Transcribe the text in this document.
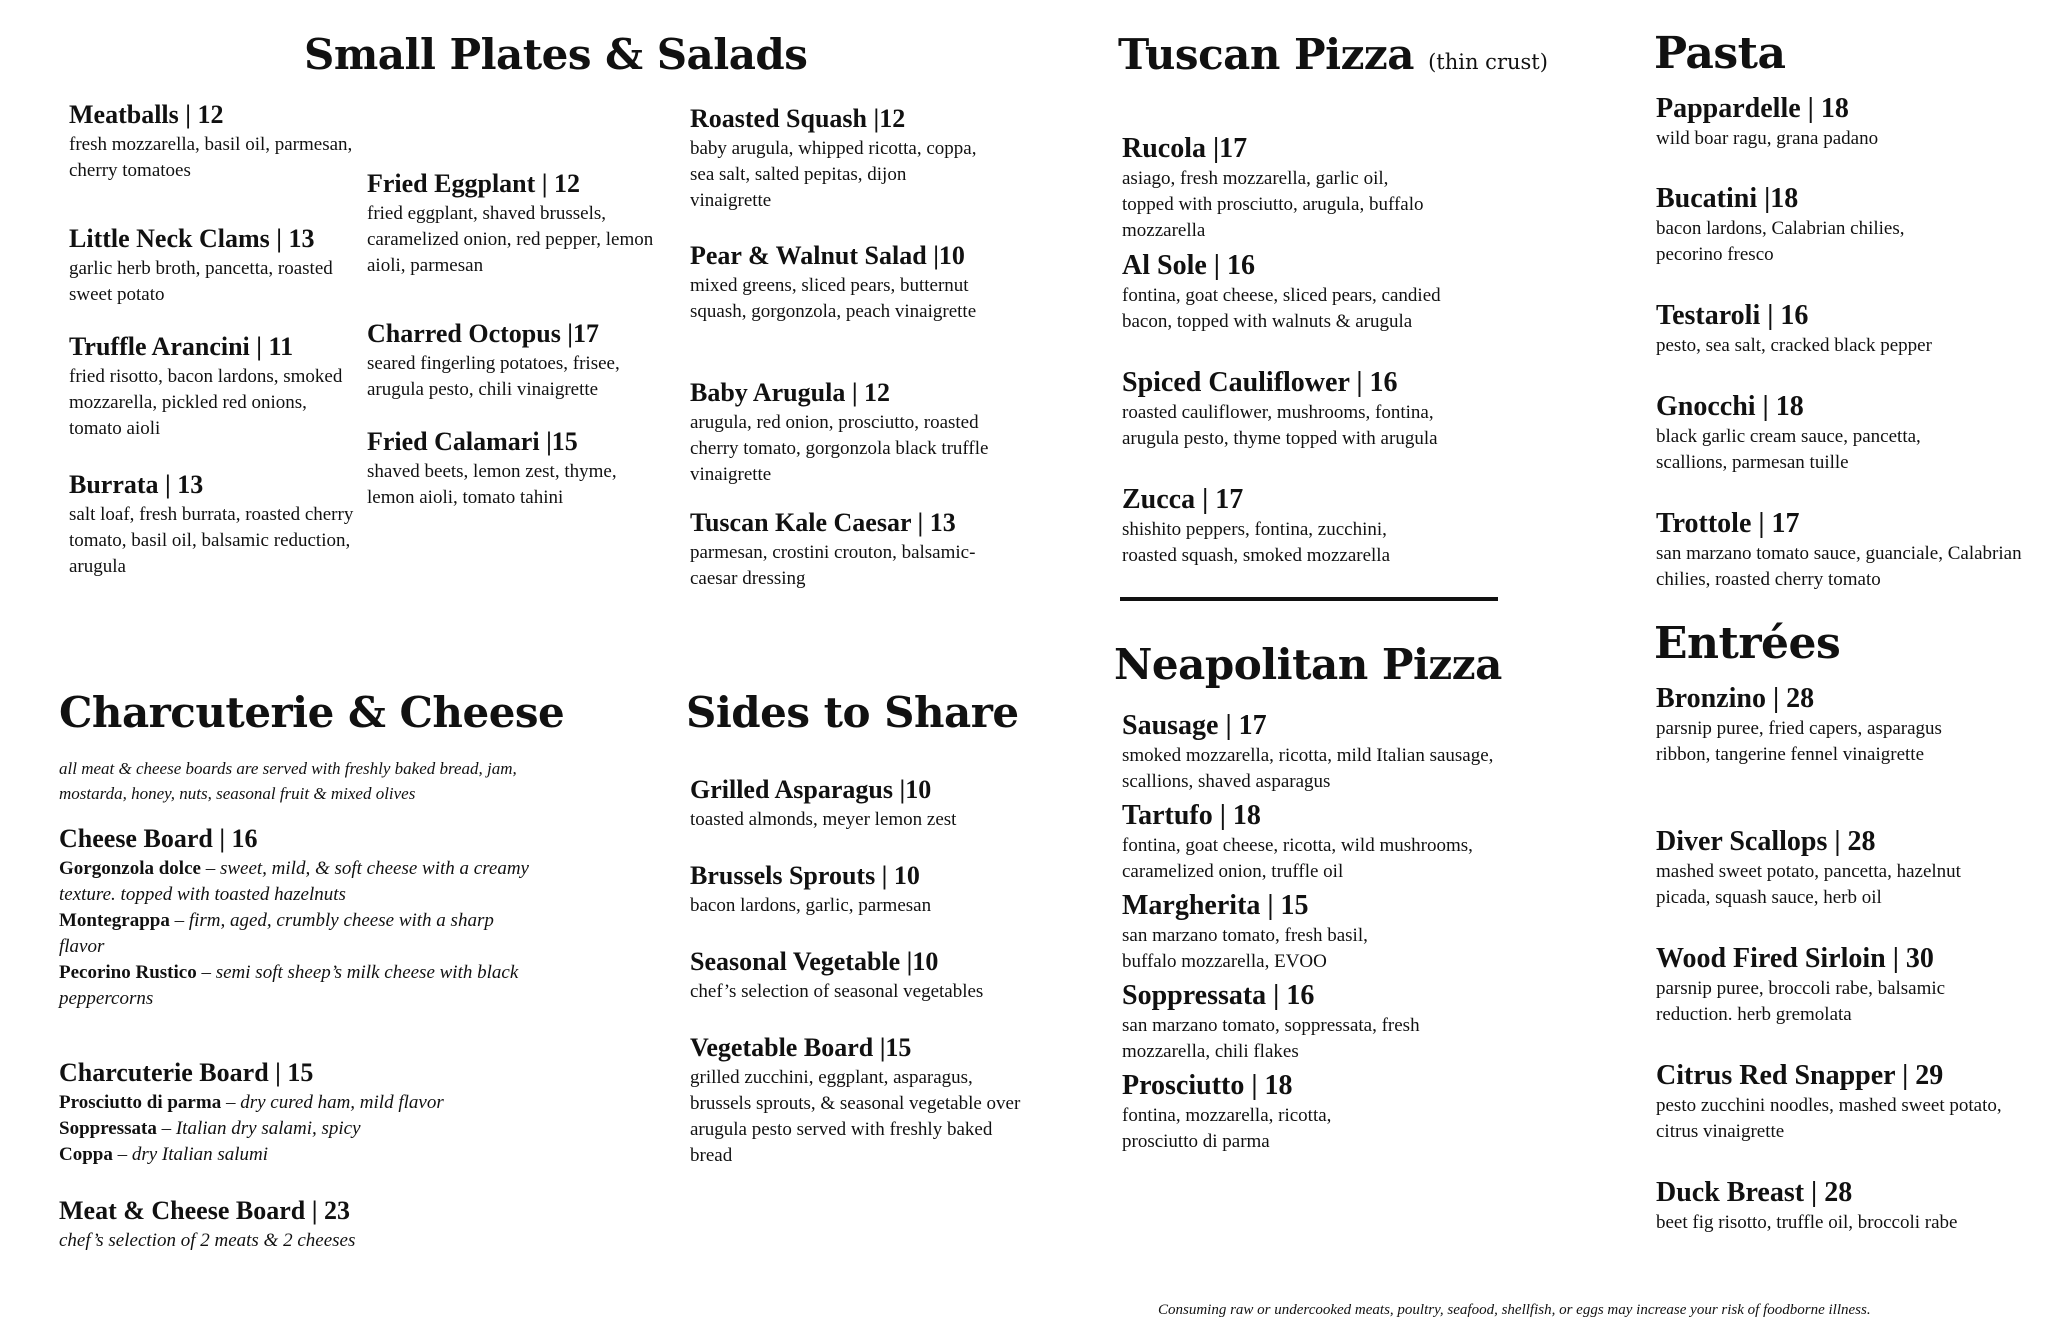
Small Plates & Salads
Meatballs | 12
fresh mozzarella, basil oil, parmesan, cherry tomatoes
Little Neck Clams | 13
garlic herb broth, pancetta, roasted sweet potato
Truffle Arancini | 11
fried risotto, bacon lardons, smoked mozzarella, pickled red onions, tomato aioli
Burrata | 13
salt loaf, fresh burrata, roasted cherry tomato, basil oil, balsamic reduction, arugula
Fried Eggplant | 12
fried eggplant, shaved brussels, caramelized onion, red pepper, lemon aioli, parmesan
Charred Octopus |17
seared fingerling potatoes, frisee, arugula pesto, chili vinaigrette
Fried Calamari |15
shaved beets, lemon zest, thyme, lemon aioli, tomato tahini
Roasted Squash |12
baby arugula, whipped ricotta, coppa, sea salt, salted pepitas, dijon vinaigrette
Pear & Walnut Salad |10
mixed greens, sliced pears, butternut squash, gorgonzola, peach vinaigrette
Baby Arugula | 12
arugula, red onion, prosciutto, roasted cherry tomato, gorgonzola black truffle vinaigrette
Tuscan Kale Caesar | 13
parmesan, crostini crouton, balsamic-caesar dressing
Charcuterie & Cheese
all meat & cheese boards are served with freshly baked bread, jam, mostarda, honey, nuts, seasonal fruit & mixed olives
Cheese Board | 16
Gorgonzola dolce – sweet, mild, & soft cheese with a creamy texture. topped with toasted hazelnuts
Montegrappa – firm, aged, crumbly cheese with a sharp flavor
Pecorino Rustico – semi soft sheep’s milk cheese with black peppercorns
Charcuterie Board | 15
Prosciutto di parma – dry cured ham, mild flavor
Soppressata – Italian dry salami, spicy
Coppa – dry Italian salumi
Meat & Cheese Board | 23
chef’s selection of 2 meats & 2 cheeses
Sides to Share
Grilled Asparagus |10
toasted almonds, meyer lemon zest
Brussels Sprouts | 10
bacon lardons, garlic, parmesan
Seasonal Vegetable |10
chef’s selection of seasonal vegetables
Vegetable Board |15
grilled zucchini, eggplant, asparagus, brussels sprouts, & seasonal vegetable over arugula pesto served with freshly baked bread
Tuscan Pizza (thin crust)
Rucola |17
asiago, fresh mozzarella, garlic oil, topped with prosciutto, arugula, buffalo mozzarella
Al Sole | 16
fontina, goat cheese, sliced pears, candied bacon, topped with walnuts & arugula
Spiced Cauliflower | 16
roasted cauliflower, mushrooms, fontina, arugula pesto, thyme topped with arugula
Zucca | 17
shishito peppers, fontina, zucchini, roasted squash, smoked mozzarella
Neapolitan Pizza
Sausage | 17
smoked mozzarella, ricotta, mild Italian sausage, scallions, shaved asparagus
Tartufo | 18
fontina, goat cheese, ricotta, wild mushrooms, caramelized onion, truffle oil
Margherita | 15
san marzano tomato, fresh basil, buffalo mozzarella, EVOO
Soppressata | 16
san marzano tomato, soppressata, fresh mozzarella, chili flakes
Prosciutto | 18
fontina, mozzarella, ricotta, prosciutto di parma
Pasta
Pappardelle | 18
wild boar ragu, grana padano
Bucatini |18
bacon lardons, Calabrian chilies, pecorino fresco
Testaroli | 16
pesto, sea salt, cracked black pepper
Gnocchi | 18
black garlic cream sauce, pancetta, scallions, parmesan tuille
Trottole | 17
san marzano tomato sauce, guanciale, Calabrian chilies, roasted cherry tomato
Entrées
Bronzino | 28
parsnip puree, fried capers, asparagus ribbon, tangerine fennel vinaigrette
Diver Scallops | 28
mashed sweet potato, pancetta, hazelnut picada, squash sauce, herb oil
Wood Fired Sirloin | 30
parsnip puree, broccoli rabe, balsamic reduction. herb gremolata
Citrus Red Snapper | 29
pesto zucchini noodles, mashed sweet potato, citrus vinaigrette
Duck Breast | 28
beet fig risotto, truffle oil, broccoli rabe
Consuming raw or undercooked meats, poultry, seafood, shellfish, or eggs may increase your risk of foodborne illness.
